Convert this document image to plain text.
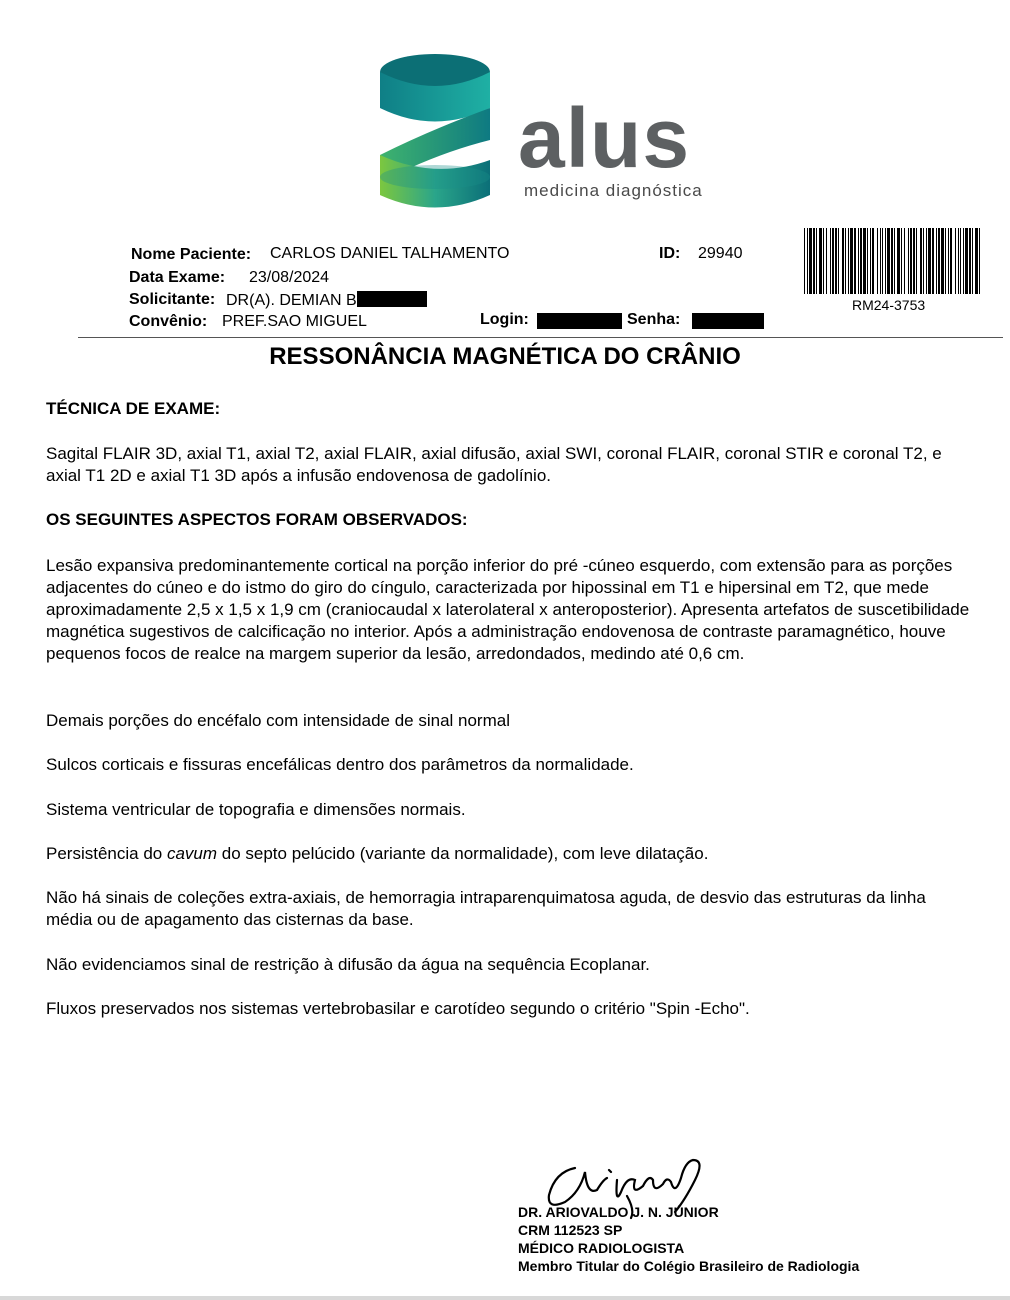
alus
medicina diagnóstica
Nome Paciente: CARLOS DANIEL TALHAMENTO	ID: 29940
Data Exame: 23/08/2024
Solicitante: DR(A). DEMIAN B
Convênio: PREF.SAO MIGUEL	Login:	Senha:
RM24-3753
RESSONÂNCIA MAGNÉTICA DO CRÂNIO
TÉCNICA DE EXAME:
Sagital FLAIR 3D, axial T1, axial T2, axial FLAIR, axial difusão, axial SWI, coronal FLAIR, coronal STIR e coronal T2, e axial T1 2D e axial T1 3D após a infusão endovenosa de gadolínio.
OS SEGUINTES ASPECTOS FORAM OBSERVADOS:
Lesão expansiva predominantemente cortical na porção inferior do pré -cúneo esquerdo, com extensão para as porções adjacentes do cúneo e do istmo do giro do cíngulo, caracterizada por hipossinal em T1 e hipersinal em T2, que mede aproximadamente 2,5 x 1,5 x 1,9 cm (craniocaudal x laterolateral x anteroposterior). Apresenta artefatos de suscetibilidade magnética sugestivos de calcificação no interior. Após a administração endovenosa de contraste paramagnético, houve pequenos focos de realce na margem superior da lesão, arredondados, medindo até 0,6 cm.
Demais porções do encéfalo com intensidade de sinal normal
Sulcos corticais e fissuras encefálicas dentro dos parâmetros da normalidade.
Sistema ventricular de topografia e dimensões normais.
Persistência do cavum do septo pelúcido (variante da normalidade), com leve dilatação.
Não há sinais de coleções extra-axiais, de hemorragia intraparenquimatosa aguda, de desvio das estruturas da linha média ou de apagamento das cisternas da base.
Não evidenciamos sinal de restrição à difusão da água na sequência Ecoplanar.
Fluxos preservados nos sistemas vertebrobasilar e carotídeo segundo o critério "Spin -Echo".
DR. ARIOVALDO J. N. JÚNIOR
CRM 112523 SP
MÉDICO RADIOLOGISTA
Membro Titular do Colégio Brasileiro de Radiologia
